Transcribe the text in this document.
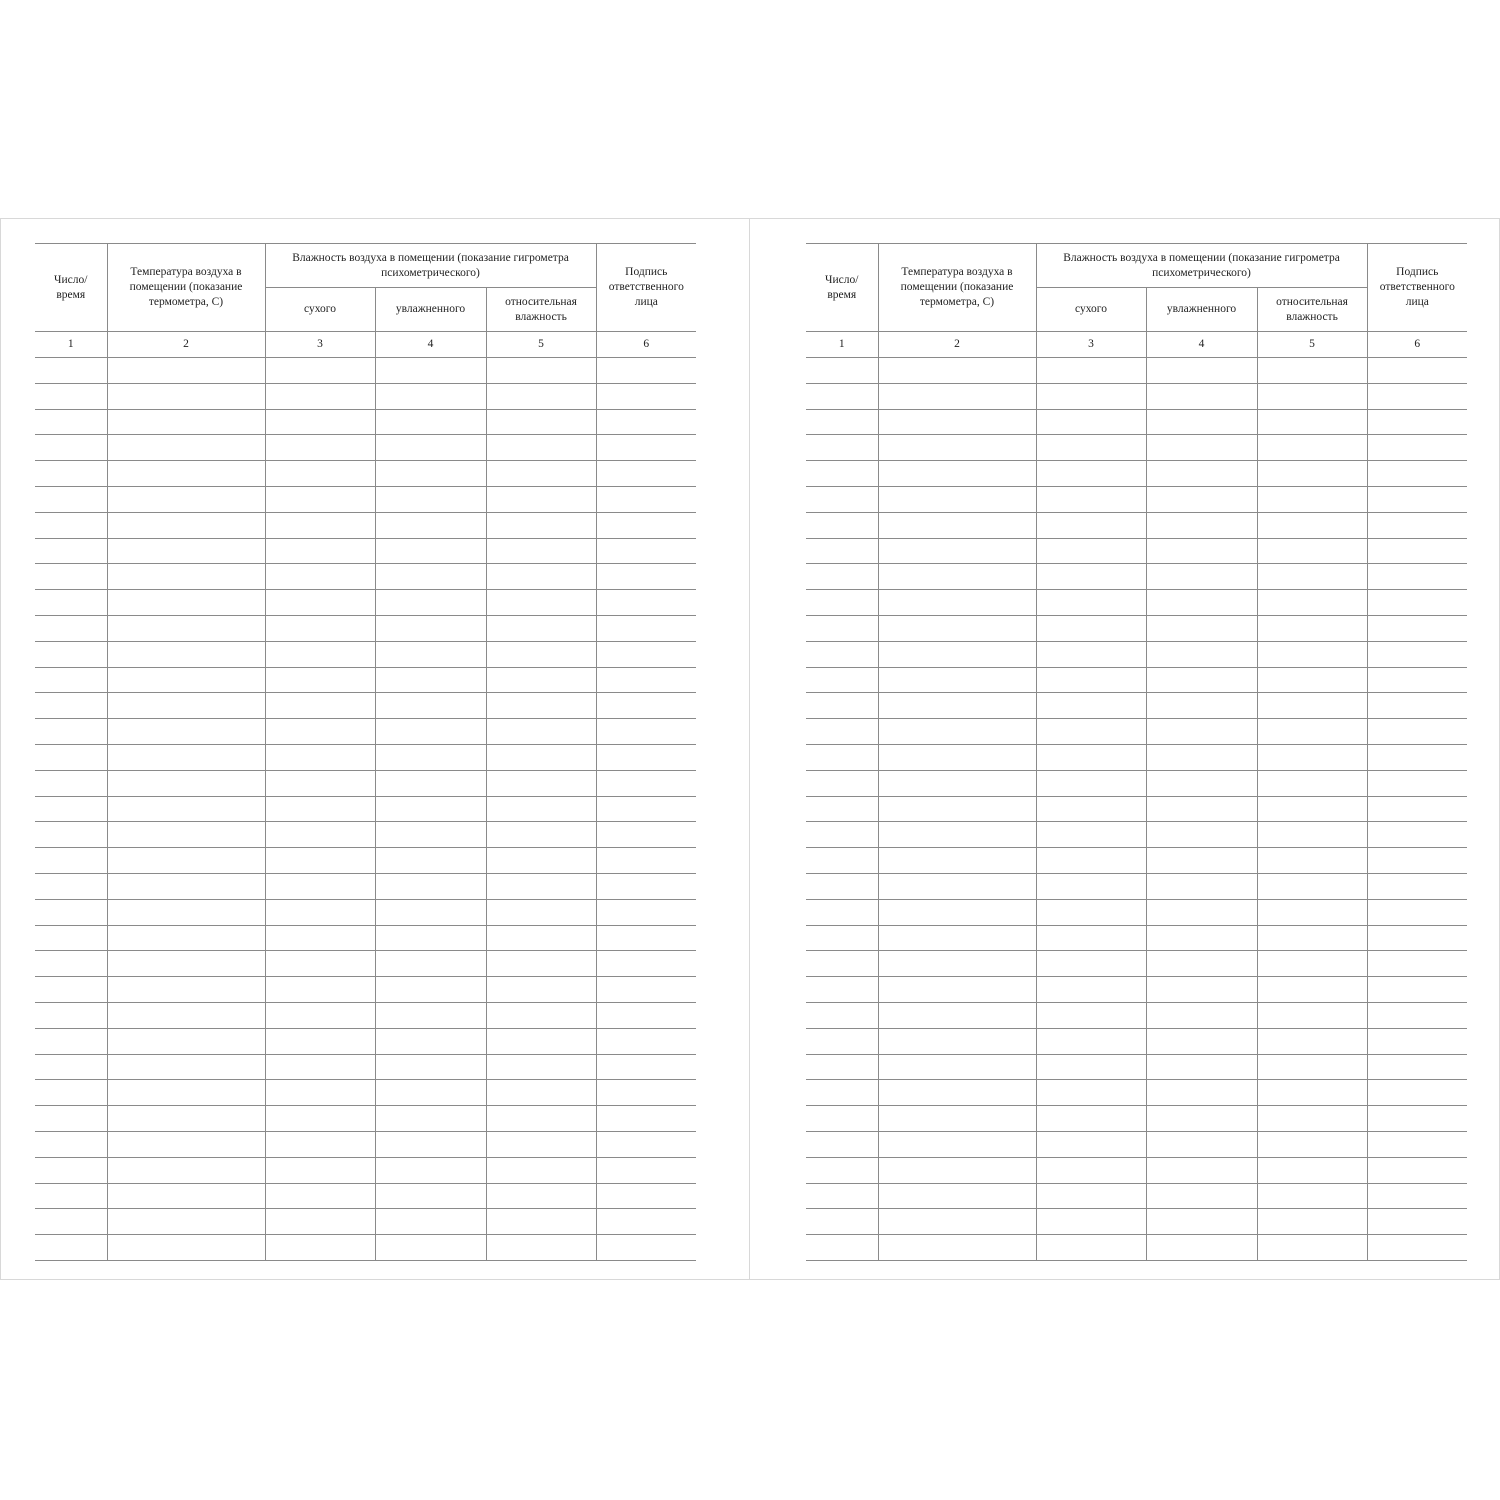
Число/ время	Температура воздуха в помещении (показание термометра, С)	Влажность воздуха в помещении (показание гигрометра психометрического)			Подпись ответственного лица

		сухого	увлажненного	относительная влажность	

1	2	3	4	5	6

Число/ время	Температура воздуха в помещении (показание термометра, С)	Влажность воздуха в помещении (показание гигрометра психометрического)			Подпись ответственного лица

		сухого	увлажненного	относительная влажность	

1	2	3	4	5	6
